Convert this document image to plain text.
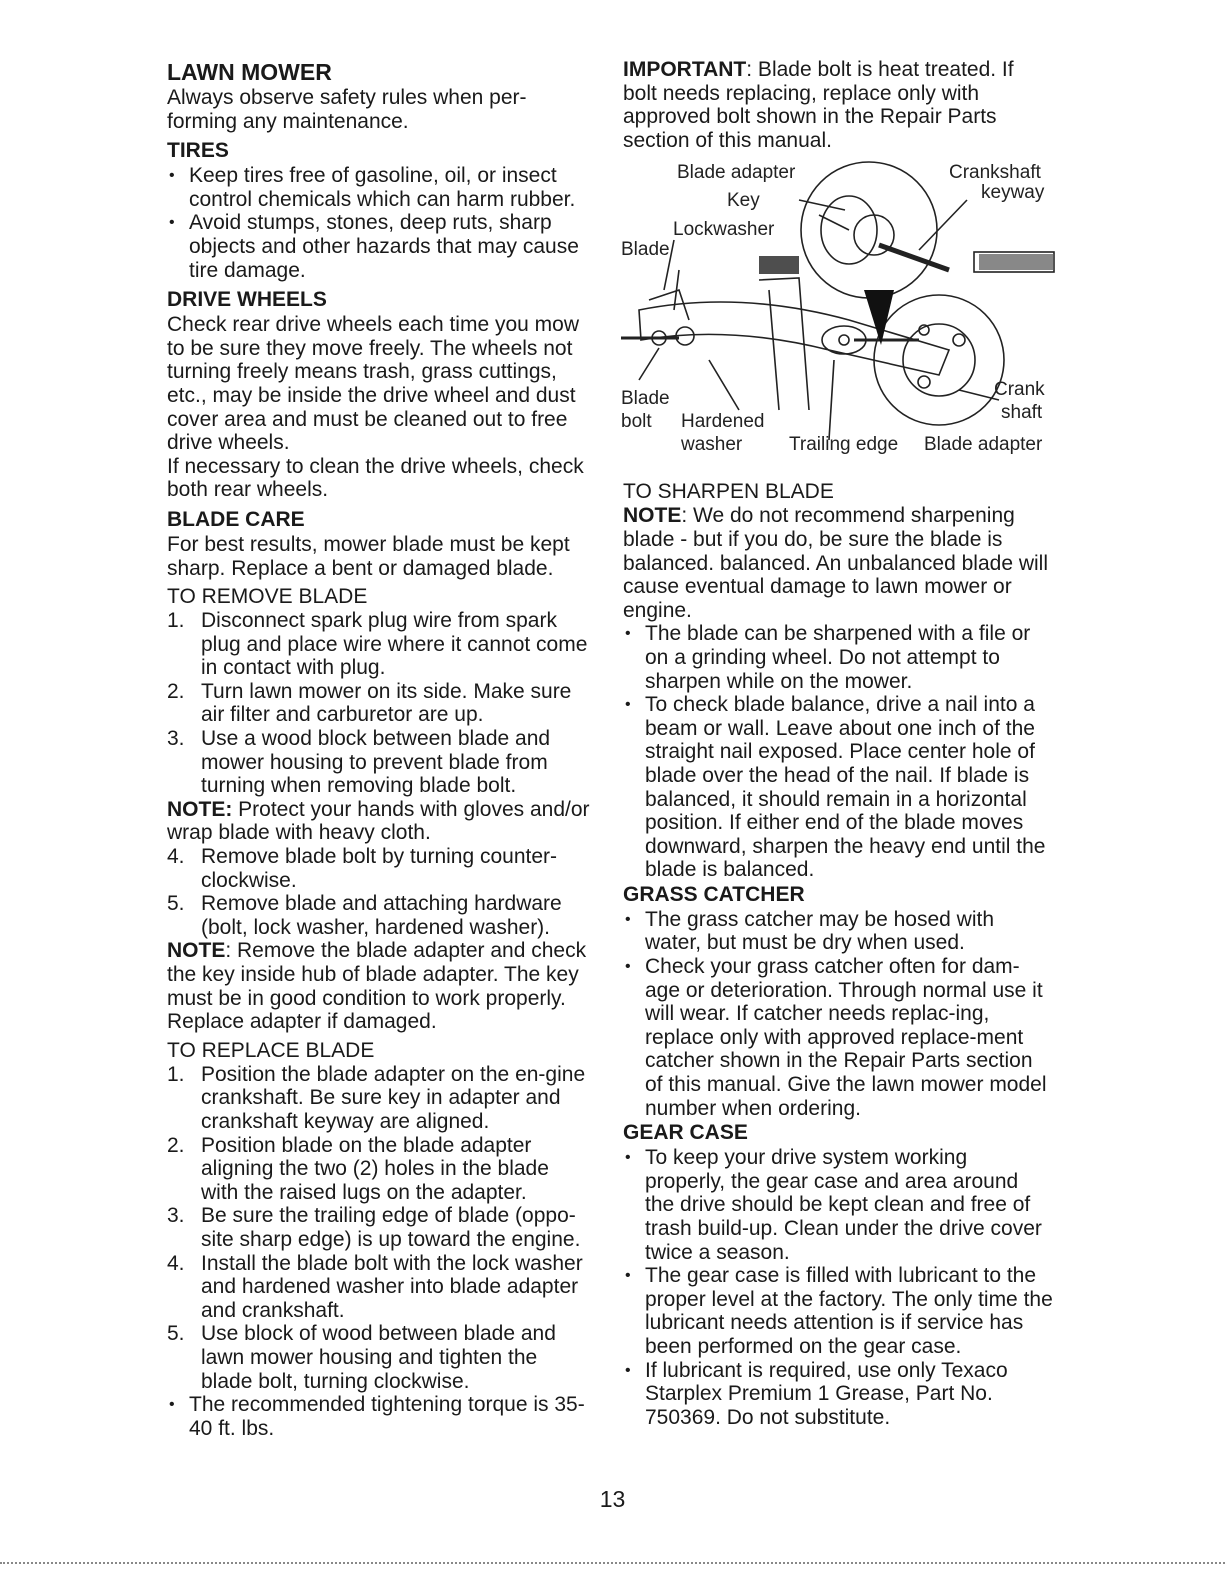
LAWN MOWER

Always observe safety rules when per-forming any maintenance.

TIRES
• Keep tires free of gasoline, oil, or insect control chemicals which can harm rubber.
• Avoid stumps, stones, deep ruts, sharp objects and other hazards that may cause tire damage.
DRIVE WHEELS

Check rear drive wheels each time you mow to be sure they move freely. The wheels not turning freely means trash, grass cuttings, etc., may be inside the drive wheel and dust cover area and must be cleaned out to free drive wheels.

If necessary to clean the drive wheels, check both rear wheels.

BLADE CARE

For best results, mower blade must be kept sharp. Replace a bent or damaged blade.

TO REMOVE BLADE
1. Disconnect spark plug wire from spark plug and place wire where it cannot come in contact with plug.
2. Turn lawn mower on its side. Make sure air filter and carburetor are up.
3. Use a wood block between blade and mower housing to prevent blade from turning when removing blade bolt.

NOTE: Protect your hands with gloves and/or wrap blade with heavy cloth.

4. Remove blade bolt by turning counter-clockwise.
5. Remove blade and attaching hardware (bolt, lock washer, hardened washer).

NOTE: Remove the blade adapter and check the key inside hub of blade adapter. The key must be in good condition to work properly. Replace adapter if damaged.

TO REPLACE BLADE
1. Position the blade adapter on the en-gine crankshaft. Be sure key in adapter and crankshaft keyway are aligned.
2. Position blade on the blade adapter aligning the two (2) holes in the blade with the raised lugs on the adapter.
3. Be sure the trailing edge of blade (oppo-site sharp edge) is up toward the engine.
4. Install the blade bolt with the lock washer and hardened washer into blade adapter and crankshaft.
5. Use block of wood between blade and lawn mower housing and tighten the blade bolt, turning clockwise.
• The recommended tightening torque is 35-40 ft. lbs.

IMPORTANT: Blade bolt is heat treated. If bolt needs replacing, replace only with approved bolt shown in the Repair Parts section of this manual.

Blade adapter	Crankshaft
keyway
Key
Lockwasher
Blade
Blade
bolt Hardened
washer Trailing edge Blade adapter
Crank
shaft
TO SHARPEN BLADE

NOTE: We do not recommend sharpening blade - but if you do, be sure the blade is balanced. balanced. An unbalanced blade will cause eventual damage to lawn mower or engine.

• The blade can be sharpened with a file or on a grinding wheel. Do not attempt to sharpen while on the mower.
• To check blade balance, drive a nail into a beam or wall. Leave about one inch of the straight nail exposed. Place center hole of blade over the head of the nail. If blade is balanced, it should remain in a horizontal position. If either end of the blade moves downward, sharpen the heavy end until the blade is balanced.
GRASS CATCHER
• The grass catcher may be hosed with water, but must be dry when used.
• Check your grass catcher often for dam-age or deterioration. Through normal use it will wear. If catcher needs replac-ing, replace only with approved replace-ment catcher shown in the Repair Parts section of this manual. Give the lawn mower model number when ordering.
GEAR CASE
• To keep your drive system working properly, the gear case and area around the drive should be kept clean and free of trash build-up. Clean under the drive cover twice a season.
• The gear case is filled with lubricant to the proper level at the factory. The only time the lubricant needs attention is if service has been performed on the gear case.
• If lubricant is required, use only Texaco Starplex Premium 1 Grease, Part No. 750369. Do not substitute.
13
